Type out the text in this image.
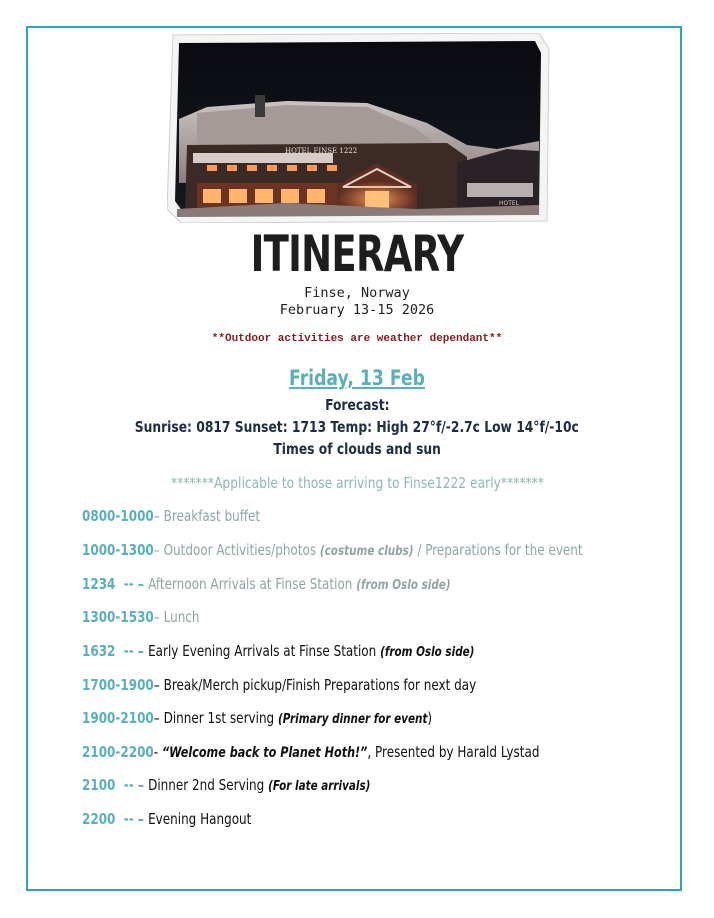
HOTEL
HOTEL FINSE 1222
ITINERARY
Finse, Norway
February 13-15 2026
**Outdoor activities are weather dependant**
Friday, 13 Feb
Forecast:
Sunrise: 0817 Sunset: 1713 Temp: High 27°f/-2.7c Low 14°f/-10c
Times of clouds and sun
*******Applicable to those arriving to Finse1222 early*******
0800-1000– Breakfast buffet
1000-1300– Outdoor Activities/photos (costume clubs) / Preparations for the event
1234  -- – Afternoon Arrivals at Finse Station (from Oslo side)
1300-1530– Lunch
1632  -- – Early Evening Arrivals at Finse Station (from Oslo side)
1700-1900– Break/Merch pickup/Finish Preparations for next day
1900-2100– Dinner 1st serving (Primary dinner for event)
2100-2200- “Welcome back to Planet Hoth!”, Presented by Harald Lystad
2100  -- – Dinner 2nd Serving (For late arrivals)
2200  -- – Evening Hangout
